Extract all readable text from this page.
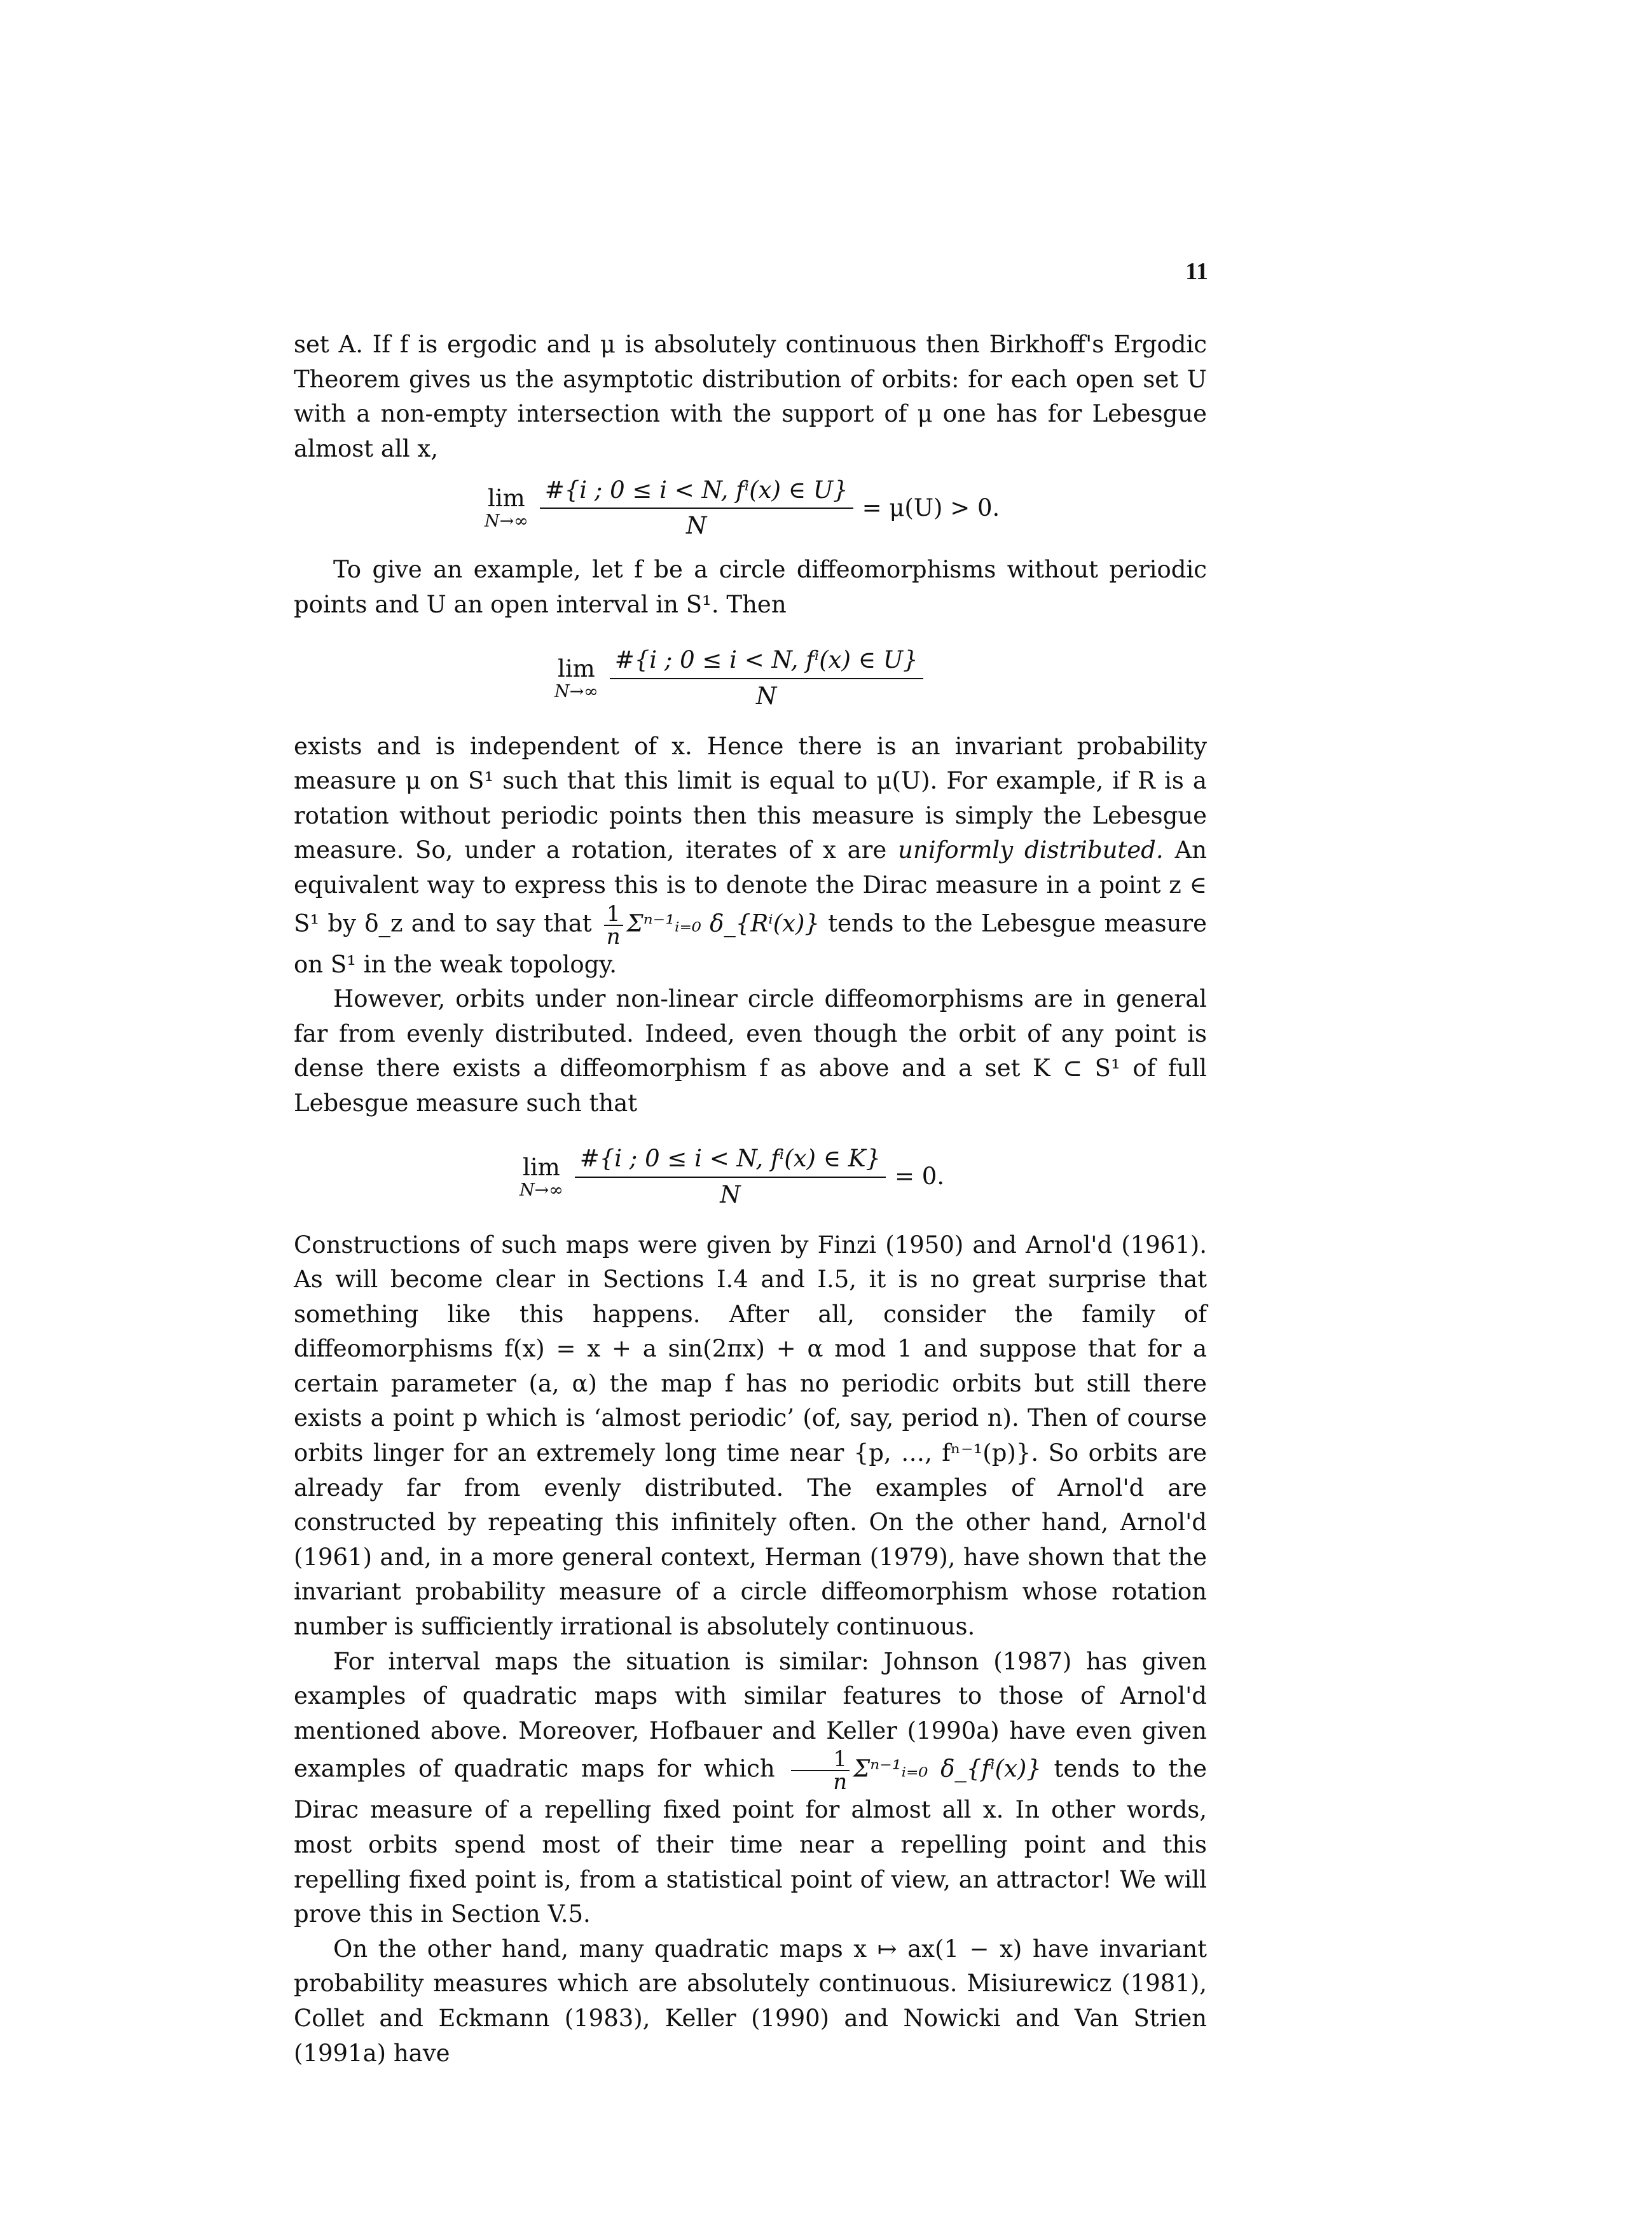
11

set A. If f is ergodic and μ is absolutely continuous then Birkhoff's Ergodic Theorem gives us the asymptotic distribution of orbits: for each open set U with a non-empty intersection with the support of μ one has for Lebesgue almost all x,

lim
$N\to\infty \frac{\text{\#\{i ; 0 ≤ i < N, fⁱ(x) ∈ U\}}}{N} = \mu(U) > 0$.

To give an example, let f be a circle diffeomorphisms without periodic points and U an open interval in S¹. Then

lim
$N\to\infty \frac{\text{\#\{i ; 0 ≤ i < N, fⁱ(x) ∈ U\}}}{N}$

exists and is independent of x. Hence there is an invariant probability measure μ on S¹ such that this limit is equal to μ(U). For example, if R is a rotation without periodic points then this measure is simply the Lebesgue measure. So, under a rotation, iterates of x are uniformly distributed. An equivalent way to express this is to denote the Dirac measure in a point z ∈ S¹ by δ_z and to say that $\frac{1}{n}$ Σⁿ⁻¹ᵢ₌₀ δ_{Rⁱ(x)} tends to the Lebesgue measure on S¹ in the weak topology.

However, orbits under non-linear circle diffeomorphisms are in general far from evenly distributed. Indeed, even though the orbit of any point is dense there exists a diffeomorphism f as above and a set K ⊂ S¹ of full Lebesgue measure such that

lim
$N\to\infty \frac{\text{\#\{i ; 0 ≤ i < N, fⁱ(x) ∈ K\}}}{N} = 0$.

Constructions of such maps were given by Finzi (1950) and Arnol'd (1961). As will become clear in Sections I.4 and I.5, it is no great surprise that something like this happens. After all, consider the family of diffeomorphisms f(x) = x + a sin(2πx) + α mod 1 and suppose that for a certain parameter (a, α) the map f has no periodic orbits but still there exists a point p which is ‘almost periodic’ (of, say, period n). Then of course orbits linger for an extremely long time near {p, …, fⁿ⁻¹(p)}. So orbits are already far from evenly distributed. The examples of Arnol'd are constructed by repeating this infinitely often. On the other hand, Arnol'd (1961) and, in a more general context, Herman (1979), have shown that the invariant probability measure of a circle diffeomorphism whose rotation number is sufficiently irrational is absolutely continuous.

For interval maps the situation is similar: Johnson (1987) has given examples of quadratic maps with similar features to those of Arnol'd mentioned above. Moreover, Hofbauer and Keller (1990a) have even given examples of quadratic maps for which $\frac{1}{n}$ Σⁿ⁻¹ᵢ₌₀ δ_{fⁱ(x)} tends to the Dirac measure of a repelling fixed point for almost all x. In other words, most orbits spend most of their time near a repelling point and this repelling fixed point is, from a statistical point of view, an attractor! We will prove this in Section V.5.

On the other hand, many quadratic maps x ↦ ax(1 − x) have invariant probability measures which are absolutely continuous. Misiurewicz (1981), Collet and Eckmann (1983), Keller (1990) and Nowicki and Van Strien (1991a) have
